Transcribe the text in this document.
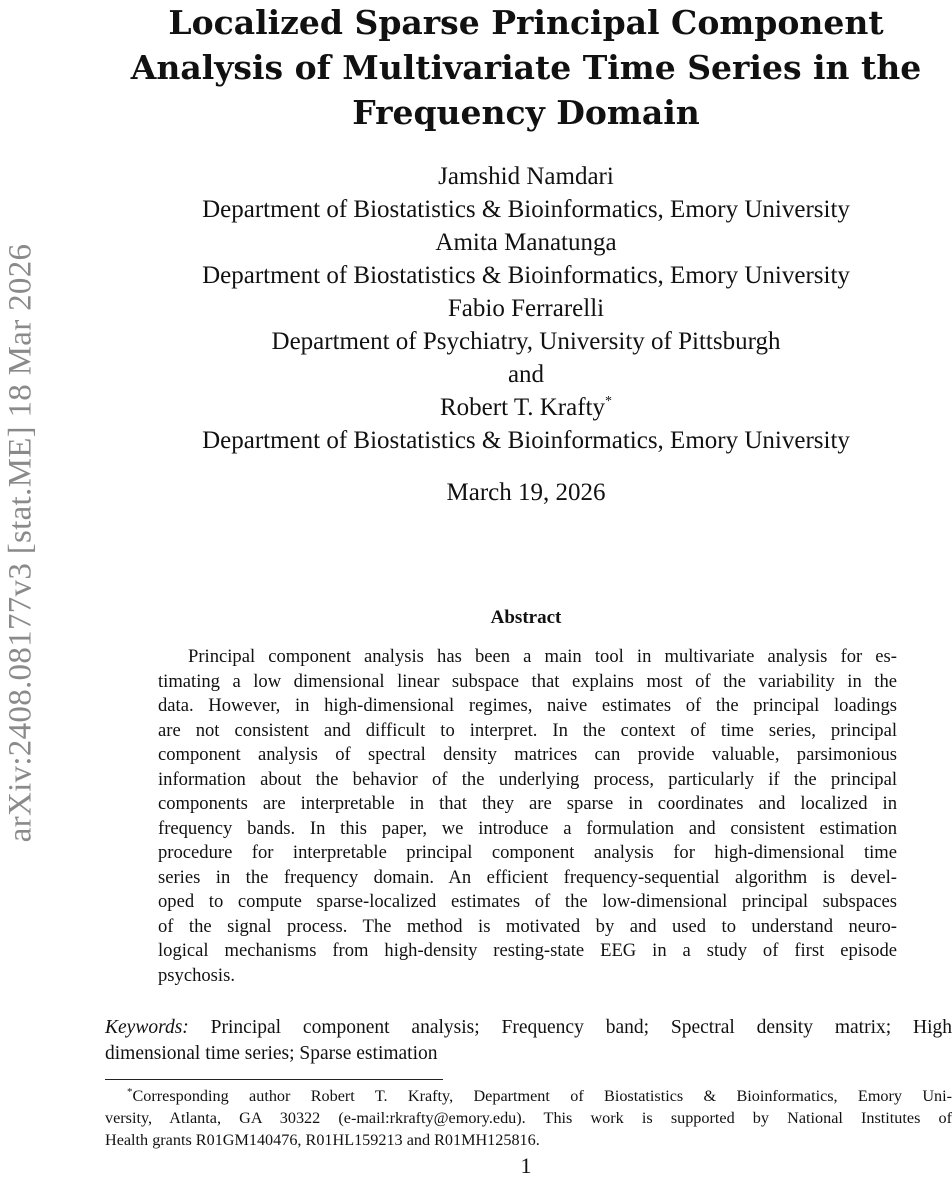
arXiv:2408.08177v3 [stat.ME] 18 Mar 2026
Localized Sparse Principal Component
Analysis of Multivariate Time Series in the
Frequency Domain
Jamshid Namdari
Department of Biostatistics & Bioinformatics, Emory University
Amita Manatunga
Department of Biostatistics & Bioinformatics, Emory University
Fabio Ferrarelli
Department of Psychiatry, University of Pittsburgh
and
Robert T. Krafty*
Department of Biostatistics & Bioinformatics, Emory University
March 19, 2026
Abstract
Principal component analysis has been a main tool in multivariate analysis for es-
timating a low dimensional linear subspace that explains most of the variability in the
data. However, in high-dimensional regimes, naive estimates of the principal loadings
are not consistent and difficult to interpret. In the context of time series, principal
component analysis of spectral density matrices can provide valuable, parsimonious
information about the behavior of the underlying process, particularly if the principal
components are interpretable in that they are sparse in coordinates and localized in
frequency bands. In this paper, we introduce a formulation and consistent estimation
procedure for interpretable principal component analysis for high-dimensional time
series in the frequency domain. An efficient frequency-sequential algorithm is devel-
oped to compute sparse-localized estimates of the low-dimensional principal subspaces
of the signal process. The method is motivated by and used to understand neuro-
logical mechanisms from high-density resting-state EEG in a study of first episode
psychosis.
Keywords: Principal component analysis; Frequency band; Spectral density matrix; High
dimensional time series; Sparse estimation
*Corresponding author Robert T. Krafty, Department of Biostatistics & Bioinformatics, Emory Uni-
versity, Atlanta, GA 30322 (e-mail:rkrafty@emory.edu). This work is supported by National Institutes of
Health grants R01GM140476, R01HL159213 and R01MH125816.
1
